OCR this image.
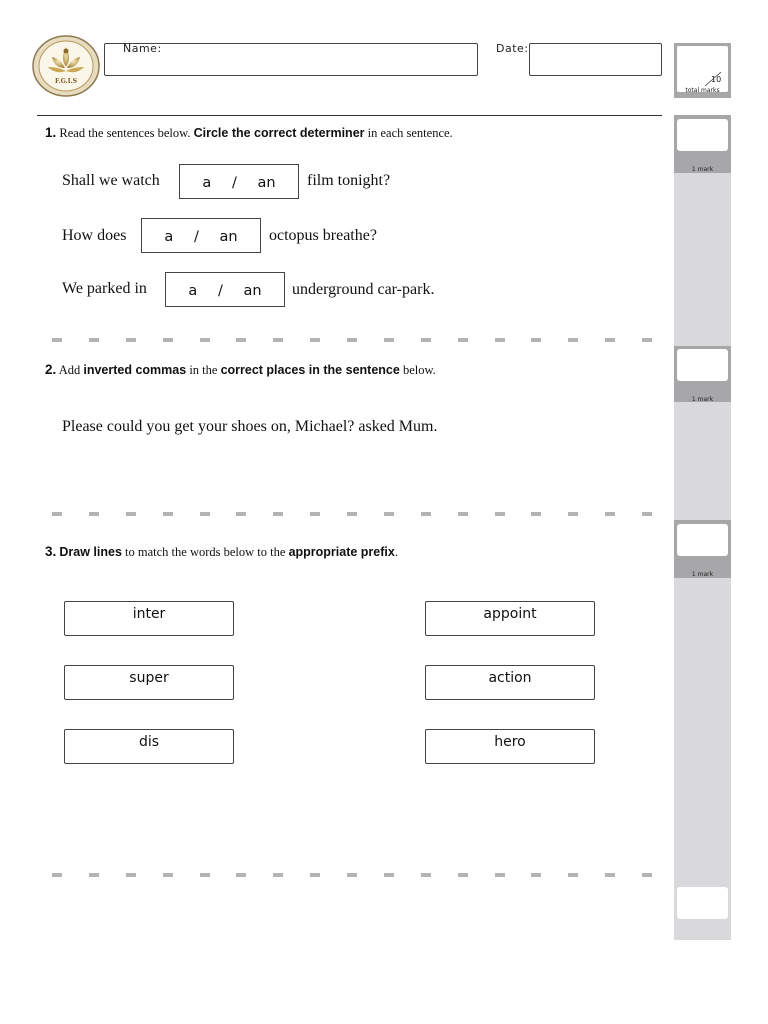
F.G.I.S
Name:	Date:
10
total marks
1 mark
1 mark
1 mark
1. Read the sentences below. Circle the correct determiner in each sentence.
Shall we watch	a / an film tonight?
How does	a / an octopus breathe?
We parked in	a / an underground car-park.
2. Add inverted commas in the correct places in the sentence below.
Please could you get your shoes on, Michael? asked Mum.
3. Draw lines to match the words below to the appropriate prefix.
inter
super
dis
appoint
action
hero
